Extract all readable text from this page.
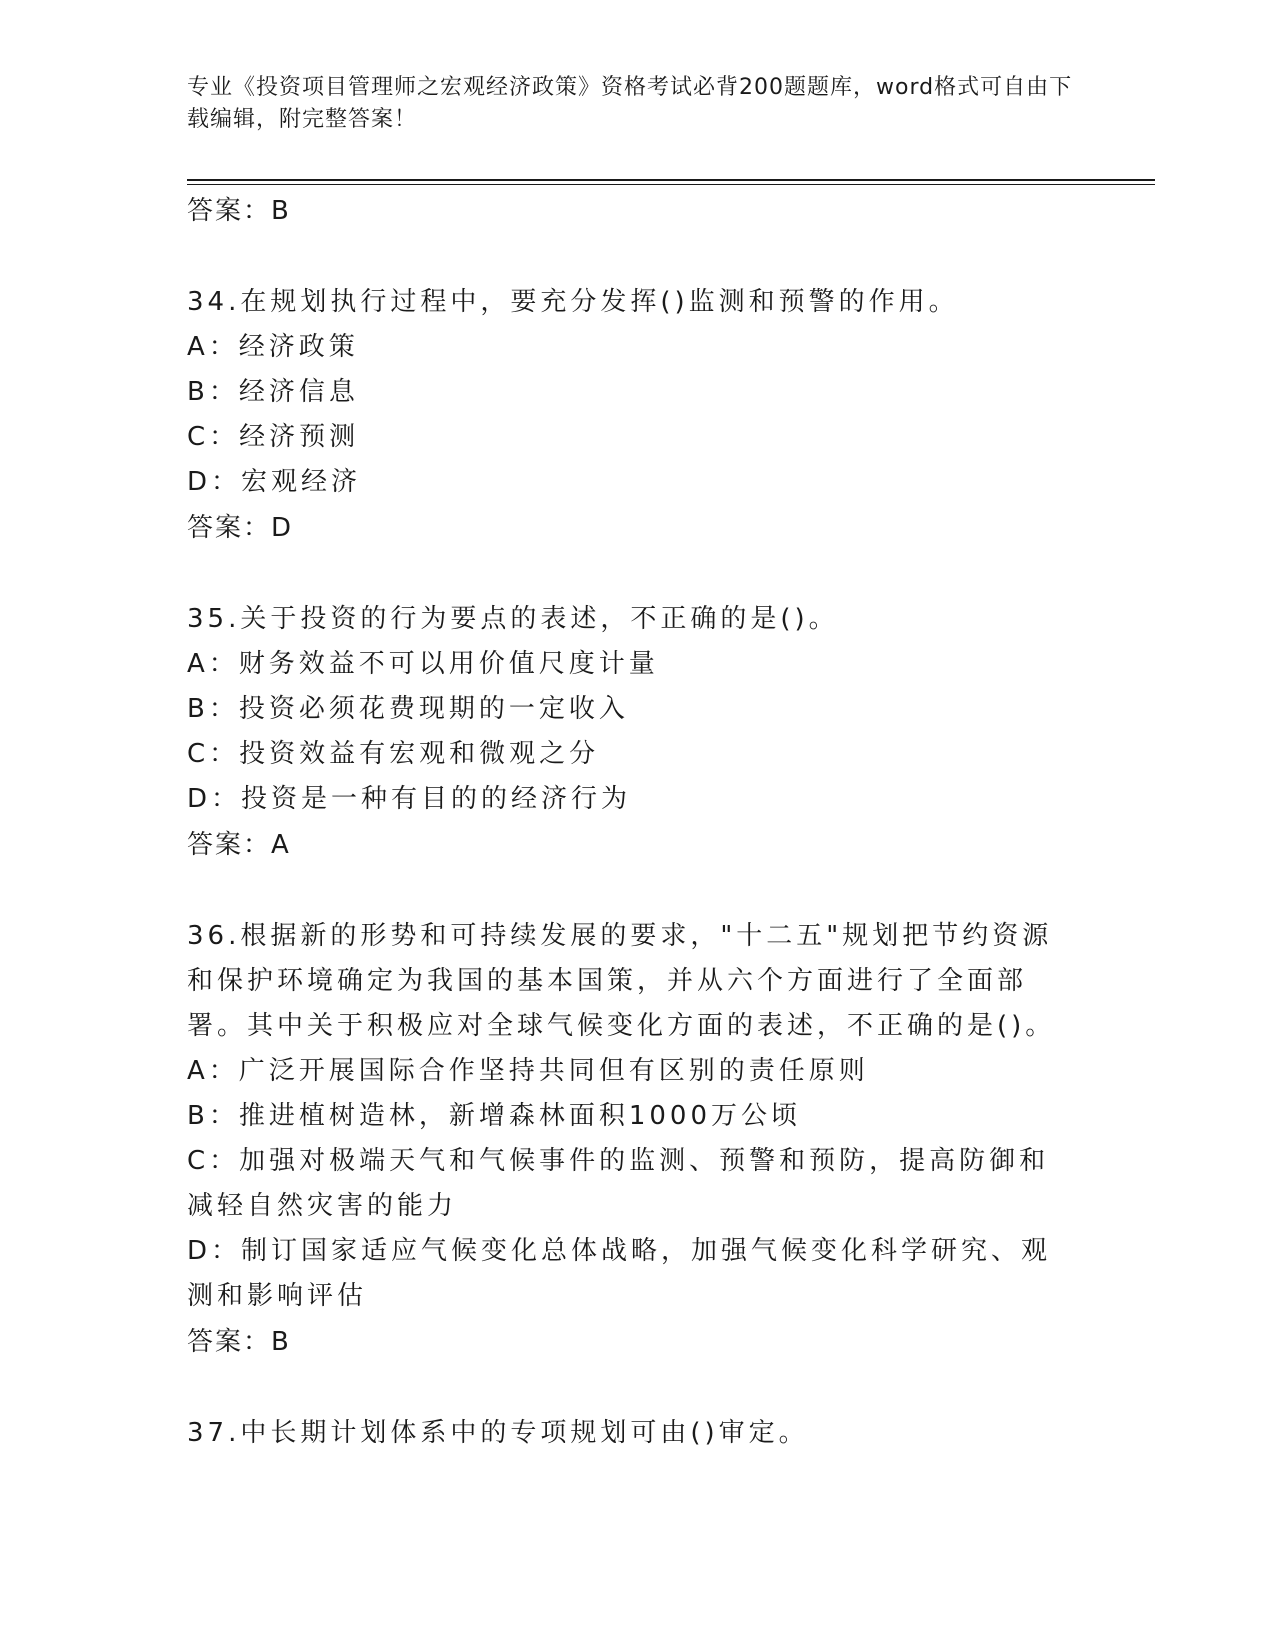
专业《投资项目管理师之宏观经济政策》资格考试必背200题题库，word格式可自由下载编辑，附完整答案！
答案：B
34.在规划执行过程中，要充分发挥()监测和预警的作用。
A：经济政策
B：经济信息
C：经济预测
D：宏观经济
答案：D
35.关于投资的行为要点的表述，不正确的是()。
A：财务效益不可以用价值尺度计量
B：投资必须花费现期的一定收入
C：投资效益有宏观和微观之分
D：投资是一种有目的的经济行为
答案：A
36.根据新的形势和可持续发展的要求，"十二五"规划把节约资源和保护环境确定为我国的基本国策，并从六个方面进行了全面部署。其中关于积极应对全球气候变化方面的表述，不正确的是()。
A：广泛开展国际合作坚持共同但有区别的责任原则
B：推进植树造林，新增森林面积1000万公顷
C：加强对极端天气和气候事件的监测、预警和预防，提高防御和减轻自然灾害的能力
D：制订国家适应气候变化总体战略，加强气候变化科学研究、观测和影响评估
答案：B
37.中长期计划体系中的专项规划可由()审定。
